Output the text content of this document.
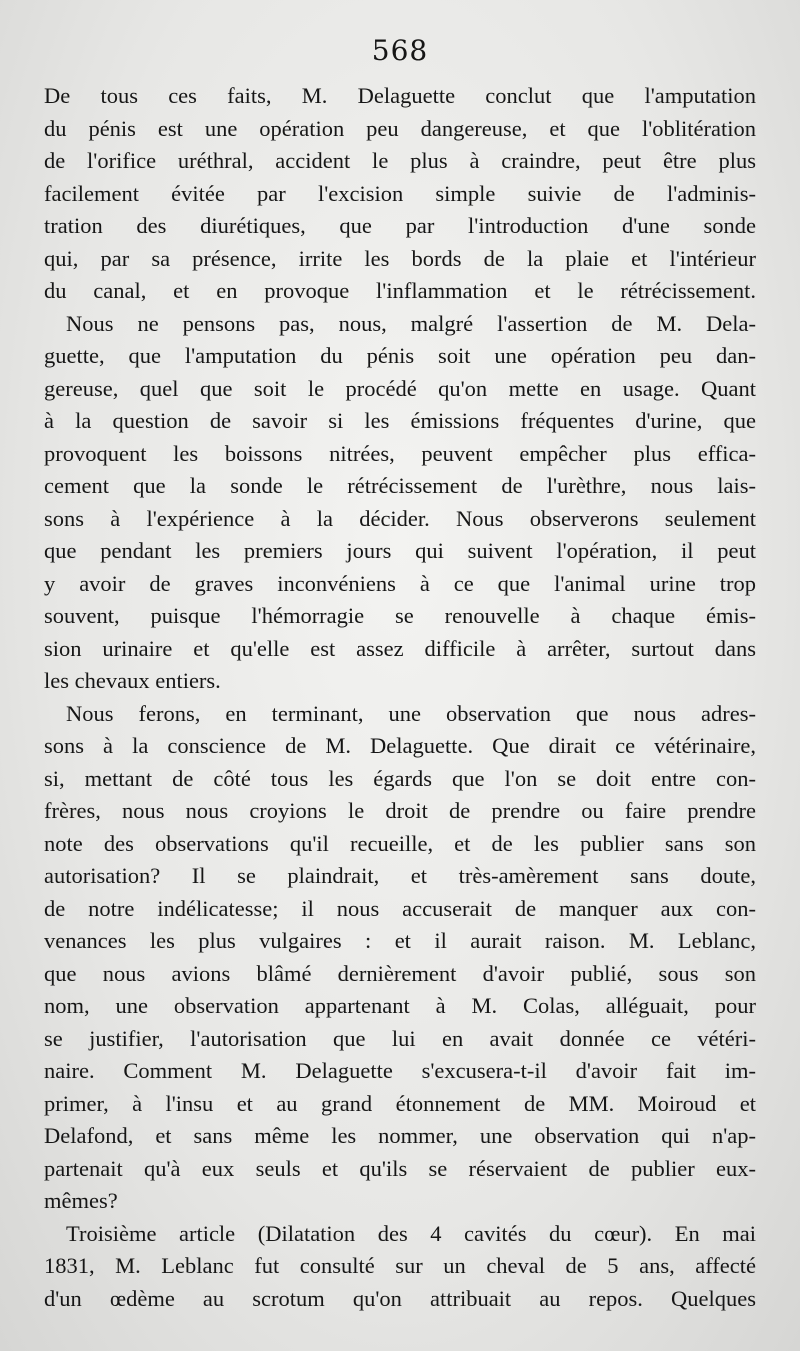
568
De tous ces faits, M. Delaguette conclut que l'amputation
du pénis est une opération peu dangereuse, et que l'oblitération
de l'orifice uréthral, accident le plus à craindre, peut être plus
facilement évitée par l'excision simple suivie de l'adminis-
tration des diurétiques, que par l'introduction d'une sonde
qui, par sa présence, irrite les bords de la plaie et l'intérieur
du canal, et en provoque l'inflammation et le rétrécissement.
Nous ne pensons pas, nous, malgré l'assertion de M. Dela-
guette, que l'amputation du pénis soit une opération peu dan-
gereuse, quel que soit le procédé qu'on mette en usage. Quant
à la question de savoir si les émissions fréquentes d'urine, que
provoquent les boissons nitrées, peuvent empêcher plus effica-
cement que la sonde le rétrécissement de l'urèthre, nous lais-
sons à l'expérience à la décider. Nous observerons seulement
que pendant les premiers jours qui suivent l'opération, il peut
y avoir de graves inconvéniens à ce que l'animal urine trop
souvent, puisque l'hémorragie se renouvelle à chaque émis-
sion urinaire et qu'elle est assez difficile à arrêter, surtout dans
les chevaux entiers.
Nous ferons, en terminant, une observation que nous adres-
sons à la conscience de M. Delaguette. Que dirait ce vétérinaire,
si, mettant de côté tous les égards que l'on se doit entre con-
frères, nous nous croyions le droit de prendre ou faire prendre
note des observations qu'il recueille, et de les publier sans son
autorisation? Il se plaindrait, et très-amèrement sans doute,
de notre indélicatesse; il nous accuserait de manquer aux con-
venances les plus vulgaires : et il aurait raison. M. Leblanc,
que nous avions blâmé dernièrement d'avoir publié, sous son
nom, une observation appartenant à M. Colas, alléguait, pour
se justifier, l'autorisation que lui en avait donnée ce vétéri-
naire. Comment M. Delaguette s'excusera-t-il d'avoir fait im-
primer, à l'insu et au grand étonnement de MM. Moiroud et
Delafond, et sans même les nommer, une observation qui n'ap-
partenait qu'à eux seuls et qu'ils se réservaient de publier eux-
mêmes?
Troisième article (Dilatation des 4 cavités du cœur). En mai
1831, M. Leblanc fut consulté sur un cheval de 5 ans, affecté
d'un œdème au scrotum qu'on attribuait au repos. Quelques
